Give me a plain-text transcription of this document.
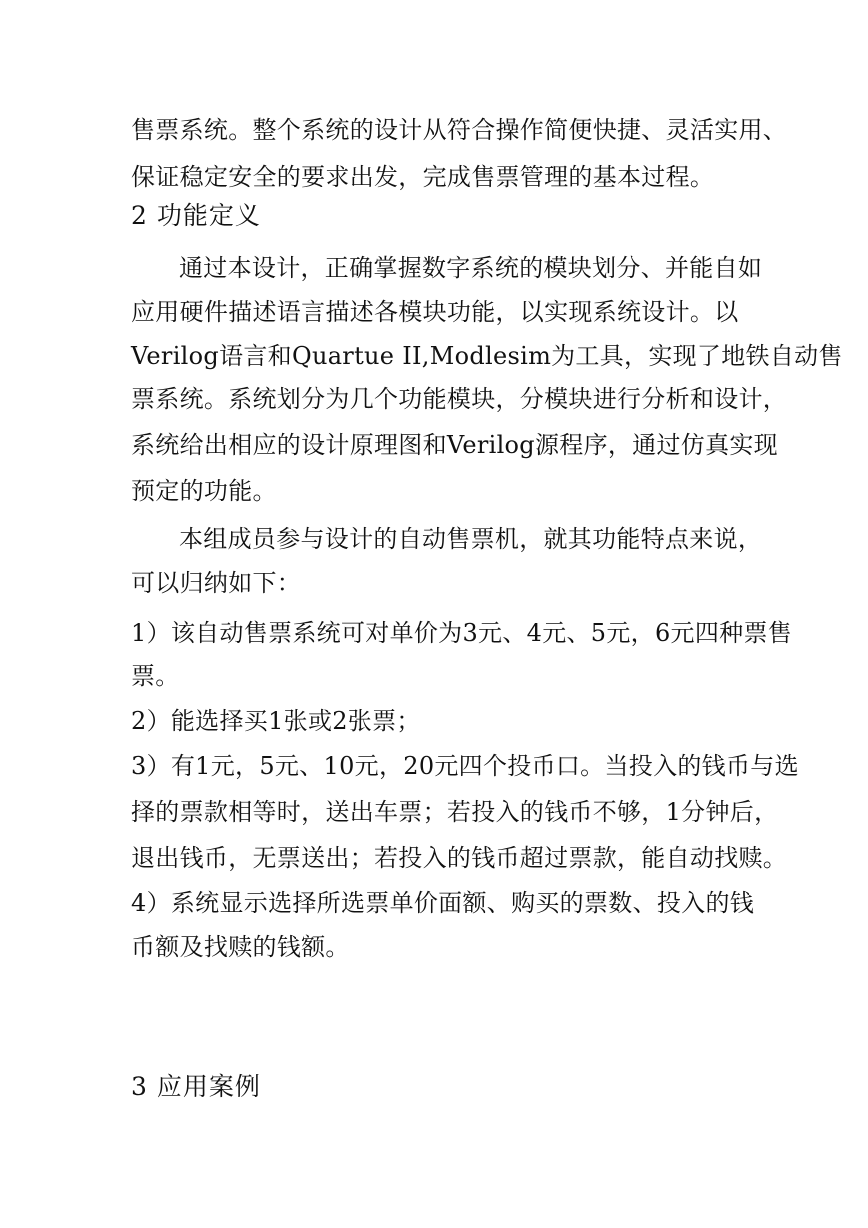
售票系统。整个系统的设计从符合操作简便快捷、灵活实用、
保证稳定安全的要求出发，完成售票管理的基本过程。
2 功能定义
通过本设计，正确掌握数字系统的模块划分、并能自如
应用硬件描述语言描述各模块功能，以实现系统设计。以
Verilog语言和Quartue II,Modlesim为工具，实现了地铁自动售
票系统。系统划分为几个功能模块，分模块进行分析和设计，
系统给出相应的设计原理图和Verilog源程序，通过仿真实现
预定的功能。
本组成员参与设计的自动售票机，就其功能特点来说，
可以归纳如下：
1）该自动售票系统可对单价为3元、4元、5元，6元四种票售
票。
2）能选择买1张或2张票；
3）有1元，5元、10元，20元四个投币口。当投入的钱币与选
择的票款相等时，送出车票；若投入的钱币不够，1分钟后，
退出钱币，无票送出；若投入的钱币超过票款，能自动找赎。
4）系统显示选择所选票单价面额、购买的票数、投入的钱
币额及找赎的钱额。
3 应用案例
